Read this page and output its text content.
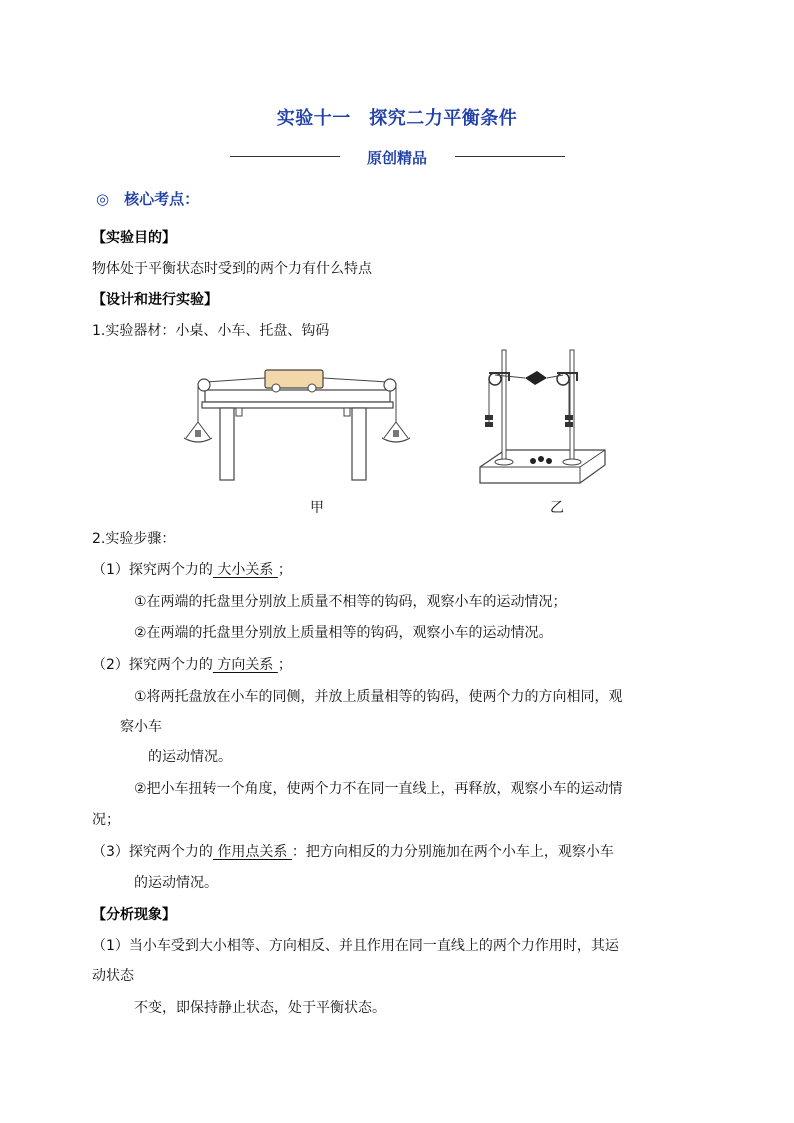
实验十一　探究二力平衡条件
原创精品
◎　核心考点：
【实验目的】
物体处于平衡状态时受到的两个力有什么特点
【设计和进行实验】
1.实验器材：小桌、小车、托盘、钩码
甲	乙
2.实验步骤：
（1）探究两个力的 大小关系 ；
①在两端的托盘里分别放上质量不相等的钩码，观察小车的运动情况；
②在两端的托盘里分别放上质量相等的钩码，观察小车的运动情况。
（2）探究两个力的 方向关系 ；
①将两托盘放在小车的同侧，并放上质量相等的钩码，使两个力的方向相同，观
察小车
的运动情况。
②把小车扭转一个角度，使两个力不在同一直线上，再释放，观察小车的运动情
况；
（3）探究两个力的 作用点关系 ：把方向相反的力分别施加在两个小车上，观察小车
的运动情况。
【分析现象】
（1）当小车受到大小相等、方向相反、并且作用在同一直线上的两个力作用时，其运
动状态
不变，即保持静止状态，处于平衡状态。
